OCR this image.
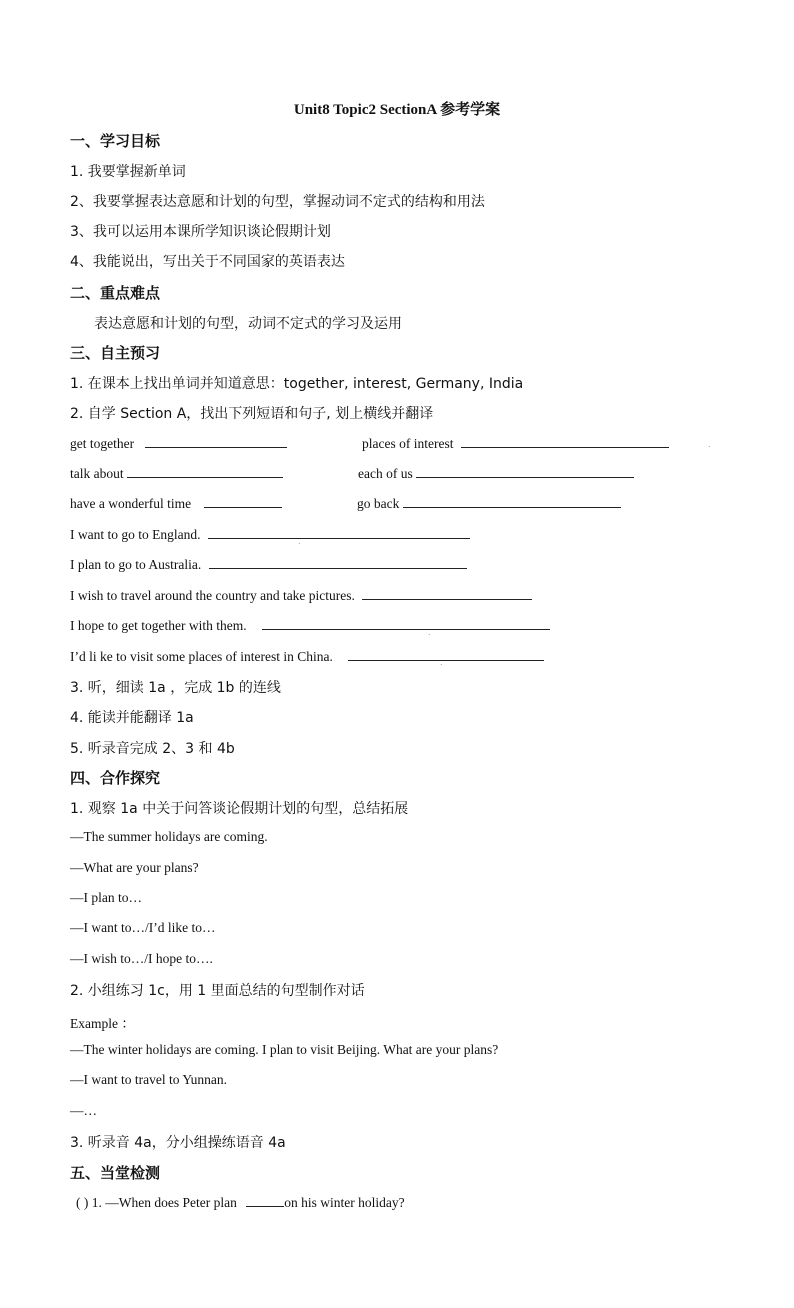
Unit8 Topic2 SectionA 参考学案
一、学习目标
1. 我要掌握新单词
2、我要掌握表达意愿和计划的句型，掌握动词不定式的结构和用法
3、我可以运用本课所学知识谈论假期计划
4、我能说出，写出关于不同国家的英语表达
二、重点难点
表达意愿和计划的句型，动词不定式的学习及运用
三、自主预习
1. 在课本上找出单词并知道意思：together, interest, Germany, India
2. 自学 Section A，找出下列短语和句子, 划上横线并翻译
get together	places of interest	.
talk about	each of us
have a wonderful time	go back
I want to go to England.
I plan to go to Australia.
I wish to travel around the country and take pictures.
I hope to get together with them.
I’d li ke to visit some places of interest in China.
3. 听，细读 1a ，完成 1b 的连线
4. 能读并能翻译 1a
5. 听录音完成 2、3 和 4b
四、合作探究
1. 观察 1a 中关于问答谈论假期计划的句型，总结拓展
—The summer holidays are coming.
—What are your plans?
—I plan to…
—I want to…/I’d like to…
—I wish to…/I hope to….
2. 小组练习 1c，用 1 里面总结的句型制作对话
Example ：
—The winter holidays are coming. I plan to visit Beijing. What are your plans?
—I want to travel to Yunnan.
—…
3. 听录音 4a，分小组操练语音 4a
五、当堂检测
( ) 1. —When does Peter plan	on his winter holiday?
.
.
.
